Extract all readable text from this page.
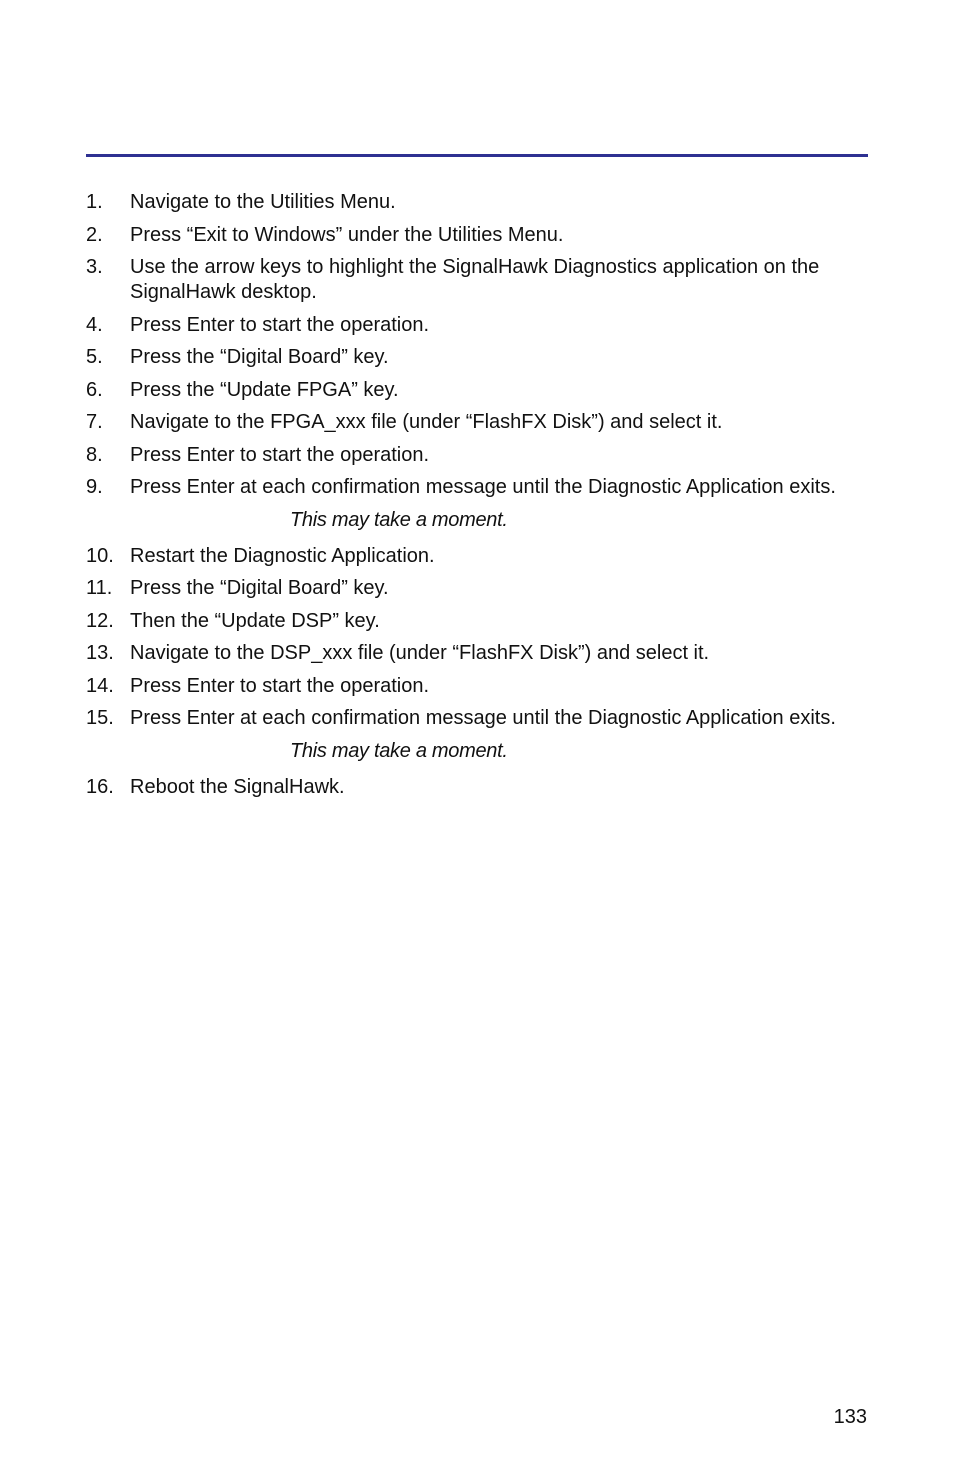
1.	Navigate to the Utilities Menu.
2.	Press “Exit to Windows” under the Utilities Menu.
3.	Use the arrow keys to highlight the SignalHawk Diagnostics application on the SignalHawk desktop.
4.	Press Enter to start the operation.
5.	Press the “Digital Board” key.
6.	Press the “Update FPGA” key.
7.	Navigate to the FPGA_xxx file (under “FlashFX Disk”) and select it.
8.	Press Enter to start the operation.
9.	Press Enter at each confirmation message until the Diagnostic Application exits.
This may take a moment.
10. Restart the Diagnostic Application.
11. Press the “Digital Board” key.
12. Then the “Update DSP” key.
13. Navigate to the DSP_xxx file (under “FlashFX Disk”) and select it.
14. Press Enter to start the operation.
15. Press Enter at each confirmation message until the Diagnostic Application exits.
This may take a moment.
16. Reboot the SignalHawk.
133
